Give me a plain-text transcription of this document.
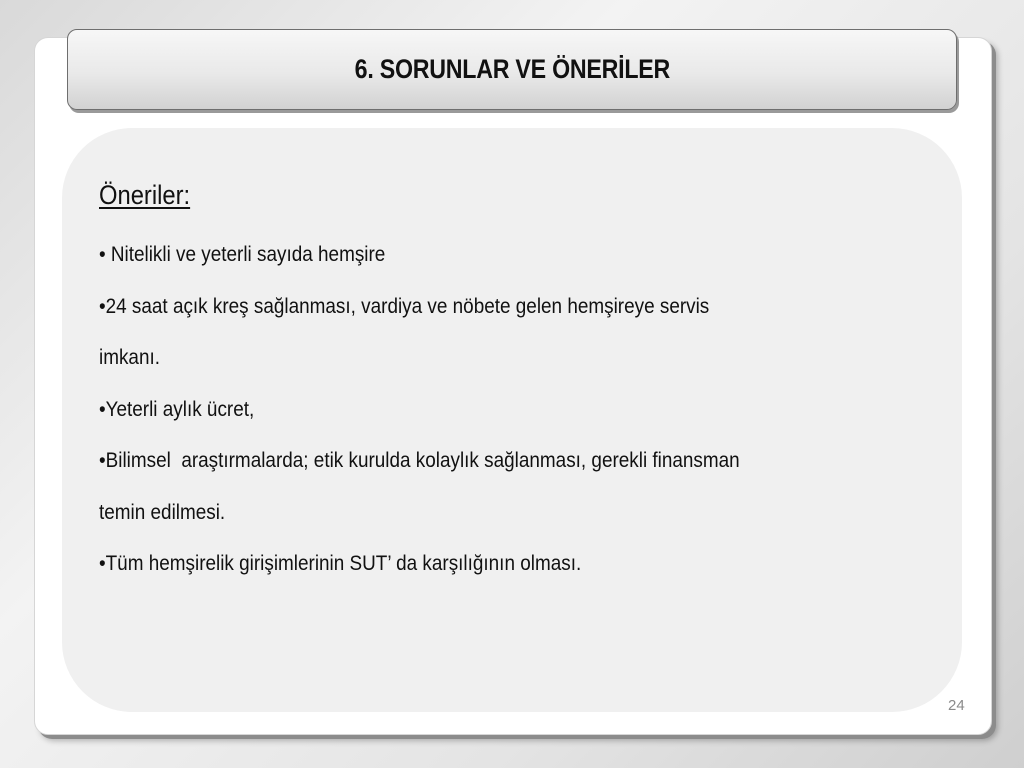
6. SORUNLAR VE ÖNERİLER
Öneriler:
• Nitelikli ve yeterli sayıda hemşire
•24 saat açık kreş sağlanması, vardiya ve nöbete gelen hemşireye servis
imkanı.
•Yeterli aylık ücret,
•Bilimsel  araştırmalarda; etik kurulda kolaylık sağlanması, gerekli finansman
temin edilmesi.
•Tüm hemşirelik girişimlerinin SUT’ da karşılığının olması.
24
